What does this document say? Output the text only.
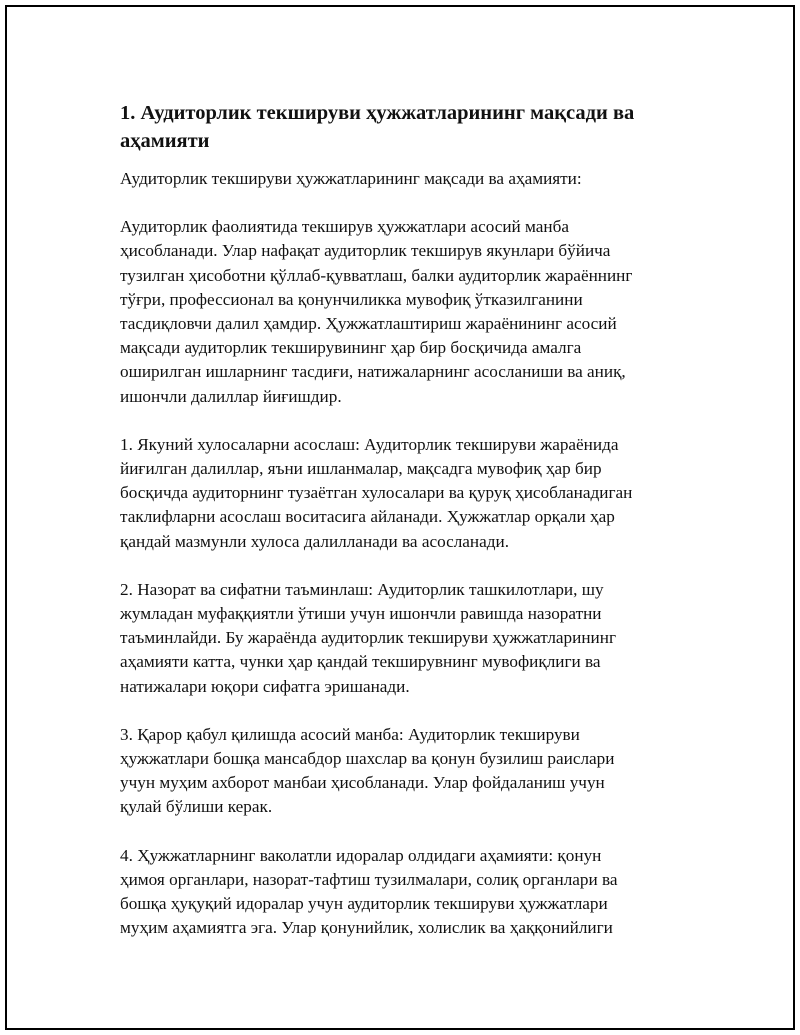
1. Аудиторлик текшируви ҳужжатларининг мақсади ва
аҳамияти
Аудиторлик текшируви ҳужжатларининг мақсади ва аҳамияти:
Аудиторлик фаолиятида текширув ҳужжатлари асосий манба
ҳисобланади. Улар нафақат аудиторлик текширув якунлари бўйича
тузилган ҳисоботни қўллаб-қувватлаш, балки аудиторлик жараённинг
тўғри, профессионал ва қонунчиликка мувофиқ ўтказилганини
тасдиқловчи далил ҳамдир. Ҳужжатлаштириш жараёнининг асосий
мақсади аудиторлик текширувининг ҳар бир босқичида амалга
оширилган ишларнинг тасдиғи, натижаларнинг асосланиши ва аниқ,
ишончли далиллар йиғишдир.
1. Якуний хулосаларни асослаш: Аудиторлик текшируви жараёнида
йиғилган далиллар, яъни ишланмалар, мақсадга мувофиқ ҳар бир
босқичда аудиторнинг тузаётган хулосалари ва қуруқ ҳисобланадиган
таклифларни асослаш воситасига айланади. Ҳужжатлар орқали ҳар
қандай мазмунли хулоса далилланади ва асосланади.
2. Назорат ва сифатни таъминлаш: Аудиторлик ташкилотлари, шу
жумладан муфаққиятли ўтиши учун ишончли равишда назоратни
таъминлайди. Бу жараёнда аудиторлик текшируви ҳужжатларининг
аҳамияти катта, чунки ҳар қандай текширувнинг мувофиқлиги ва
натижалари юқори сифатга эришанади.
3. Қарор қабул қилишда асосий манба: Аудиторлик текшируви
ҳужжатлари бошқа мансабдор шахслар ва қонун бузилиш раислари
учун муҳим ахборот манбаи ҳисобланади. Улар фойдаланиш учун
қулай бўлиши керак.
4. Ҳужжатларнинг ваколатли идоралар олдидаги аҳамияти: қонун
ҳимоя органлари, назорат-тафтиш тузилмалари, солиқ органлари ва
бошқа ҳуқуқий идоралар учун аудиторлик текшируви ҳужжатлари
муҳим аҳамиятга эга. Улар қонунийлик, холислик ва ҳаққонийлиги
